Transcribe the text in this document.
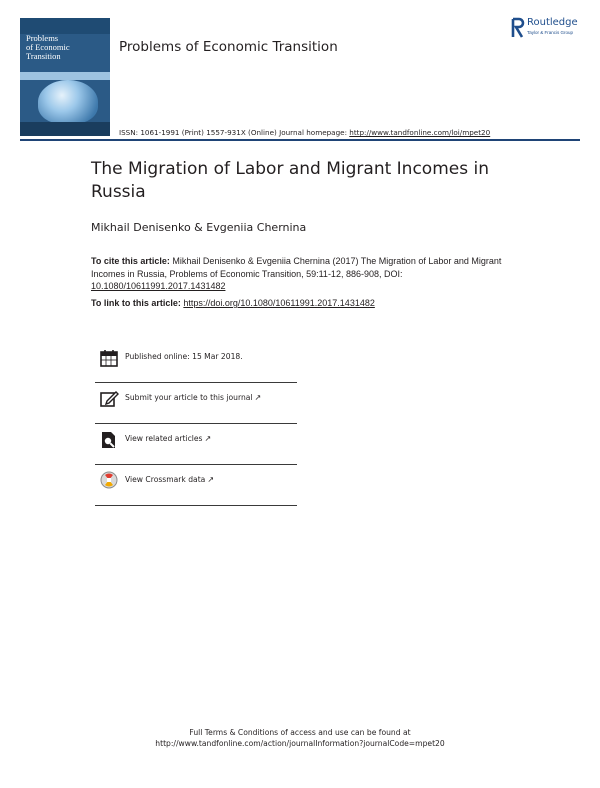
Problems
of Economic Transition
Problems of Economic Transition
Routledge
Taylor & Francis Group
ISSN: 1061-1991 (Print) 1557-931X (Online) Journal homepage: http://www.tandfonline.com/loi/mpet20
The Migration of Labor and Migrant Incomes in Russia
Mikhail Denisenko & Evgeniia Chernina
To cite this article: Mikhail Denisenko & Evgeniia Chernina (2017) The Migration of Labor and Migrant Incomes in Russia, Problems of Economic Transition, 59:11-12, 886-908, DOI: 10.1080/10611991.2017.1431482
To link to this article: https://doi.org/10.1080/10611991.2017.1431482
Published online: 15 Mar 2018.
Submit your article to this journal ↗
View related articles ↗
View Crossmark data ↗
Full Terms & Conditions of access and use can be found at
http://www.tandfonline.com/action/journalInformation?journalCode=mpet20
